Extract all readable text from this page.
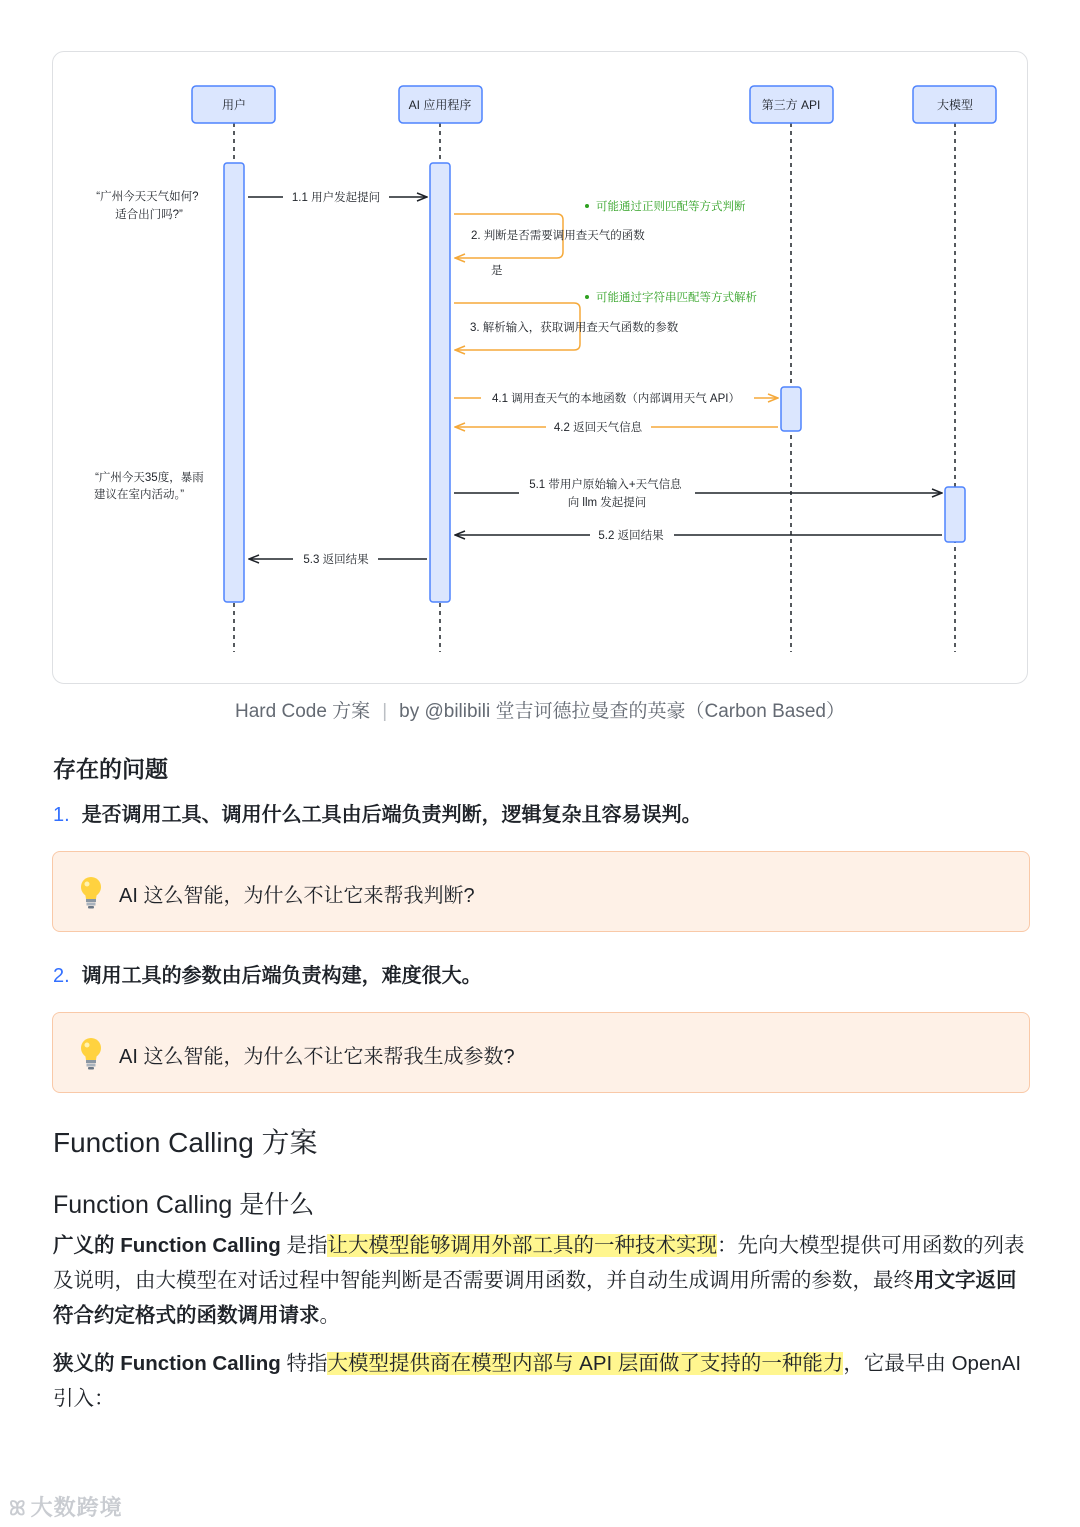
用户	AI 应用程序	第三方 API	大模型
“广州今天天气如何? 适合出门吗?”
“广州今天35度，暴雨 建议在室内活动。”
1.1 用户发起提问
可能通过正则匹配等方式判断
2. 判断是否需要调用查天气的函数
是
可能通过字符串匹配等方式解析
3. 解析输入，获取调用查天气函数的参数
4.1 调用查天气的本地函数（内部调用天气 API）
4.2 返回天气信息
5.1 带用户原始输入+天气信息 向 llm 发起提问
5.2 返回结果
5.3 返回结果
Hard Code 方案 | by @bilibili 堂吉诃德拉曼查的英豪（Carbon Based）
存在的问题
1. 是否调用工具、调用什么工具由后端负责判断，逻辑复杂且容易误判。
AI 这么智能，为什么不让它来帮我判断?
2. 调用工具的参数由后端负责构建，难度很大。
AI 这么智能，为什么不让它来帮我生成参数?
Function Calling 方案
Function Calling 是什么
广义的 Function Calling 是指让大模型能够调用外部工具的一种技术实现：先向大模型提供可用函数的列表及说明，由大模型在对话过程中智能判断是否需要调用函数，并自动生成调用所需的参数，最终用文字返回符合约定格式的函数调用请求。
狭义的 Function Calling 特指大模型提供商在模型内部与 API 层面做了支持的一种能力，它最早由 OpenAI 引入：
ꕤ 大数跨境
